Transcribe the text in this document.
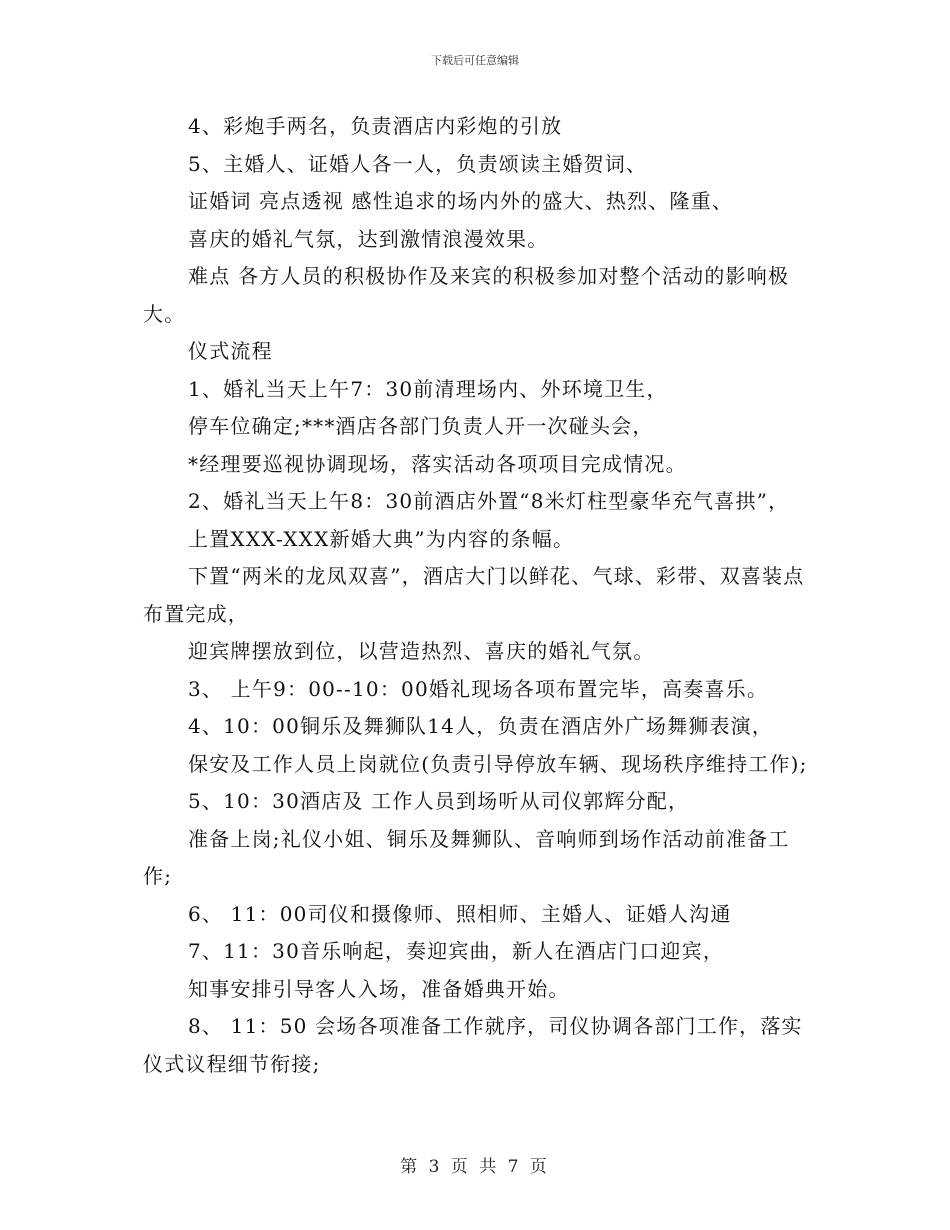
下载后可任意编辑

4、彩炮手两名，负责酒店内彩炮的引放

5、主婚人、证婚人各一人，负责颂读主婚贺词、

证婚词 亮点透视 感性追求的场内外的盛大、热烈、隆重、

喜庆的婚礼气氛，达到激情浪漫效果。

难点 各方人员的积极协作及来宾的积极参加对整个活动的影响极大。

仪式流程

1、婚礼当天上午7：30前清理场内、外环境卫生，

停车位确定;***酒店各部门负责人开一次碰头会，

*经理要巡视协调现场，落实活动各项项目完成情况。

2、婚礼当天上午8：30前酒店外置“8米灯柱型豪华充气喜拱”，

上置XXX-XXX新婚大典”为内容的条幅。

下置“两米的龙凤双喜”，酒店大门以鲜花、气球、彩带、双喜装点布置完成，

迎宾牌摆放到位，以营造热烈、喜庆的婚礼气氛。

3、 上午9：00--10：00婚礼现场各项布置完毕，高奏喜乐。

4、10：00铜乐及舞狮队14人，负责在酒店外广场舞狮表演，

保安及工作人员上岗就位(负责引导停放车辆、现场秩序维持工作);

5、10：30酒店及 工作人员到场听从司仪郭辉分配，

准备上岗;礼仪小姐、铜乐及舞狮队、音响师到场作活动前准备工作;

6、 11：00司仪和摄像师、照相师、主婚人、证婚人沟通

7、11：30音乐响起，奏迎宾曲，新人在酒店门口迎宾，

知事安排引导客人入场，准备婚典开始。

8、 11：50 会场各项准备工作就序，司仪协调各部门工作，落实仪式议程细节衔接;

第 3 页 共 7 页
